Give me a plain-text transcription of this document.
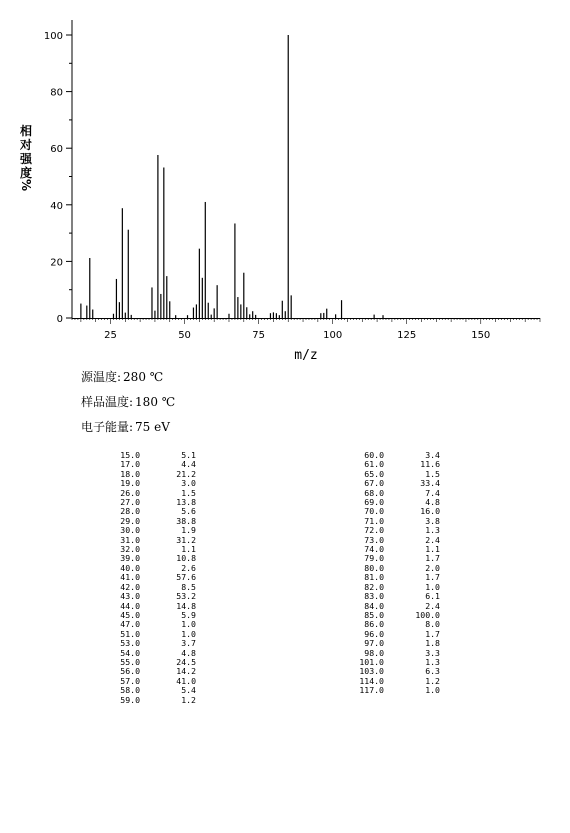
0
20
40
60
80
100
25	50	75	100	125	150
m/z
相
对
强
度
%
源温度: 280 ℃
样品温度: 180 ℃
电子能量: 75 eV
15.0	5.1
17.0	4.4
18.0	21.2
19.0	3.0
26.0	1.5
27.0	13.8
28.0	5.6
29.0	38.8
30.0	1.9
31.0	31.2
32.0	1.1
39.0	10.8
40.0	2.6
41.0	57.6
42.0	8.5
43.0	53.2
44.0	14.8
45.0	5.9
47.0	1.0
51.0	1.0
53.0	3.7
54.0	4.8
55.0	24.5
56.0	14.2
57.0	41.0
58.0	5.4
59.0	1.2
60.0	3.4
61.0	11.6
65.0	1.5
67.0	33.4
68.0	7.4
69.0	4.8
70.0	16.0
71.0	3.8
72.0	1.3
73.0	2.4
74.0	1.1
79.0	1.7
80.0	2.0
81.0	1.7
82.0	1.0
83.0	6.1
84.0	2.4
85.0	100.0
86.0	8.0
96.0	1.7
97.0	1.8
98.0	3.3
101.0	1.3
103.0	6.3
114.0	1.2
117.0	1.0
